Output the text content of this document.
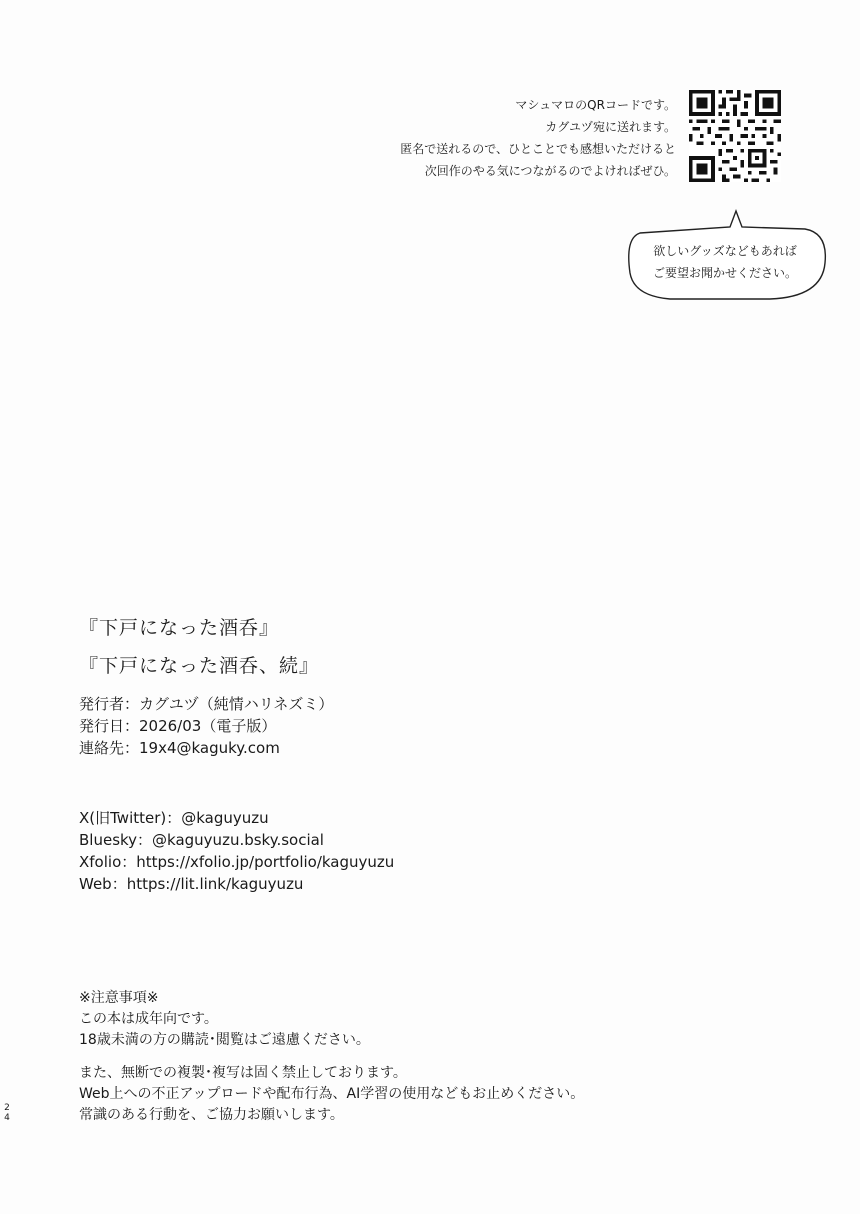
マシュマロのQRコードです。
カグユヅ宛に送れます。
匿名で送れるので、ひとことでも感想いただけると
次回作のやる気につながるのでよければぜひ。
欲しいグッズなどもあれば
ご要望お聞かせください。
『下戸になった酒呑』
『下戸になった酒呑、続』
発行者：カグユヅ（純情ハリネズミ）
発行日：2026/03（電子版）
連絡先：19x4@kaguky.com
X(旧Twitter)：@kaguyuzu
Bluesky：@kaguyuzu.bsky.social
Xfolio：https://xfolio.jp/portfolio/kaguyuzu
Web：https://lit.link/kaguyuzu
※注意事項※
この本は成年向です。
18歳未満の方の購読･閲覧はご遠慮ください。
また、無断での複製･複写は固く禁止しております。
Web上への不正アップロードや配布行為、AI学習の使用などもお止めください。
常識のある行動を、ご協力お願いします。
2
4
